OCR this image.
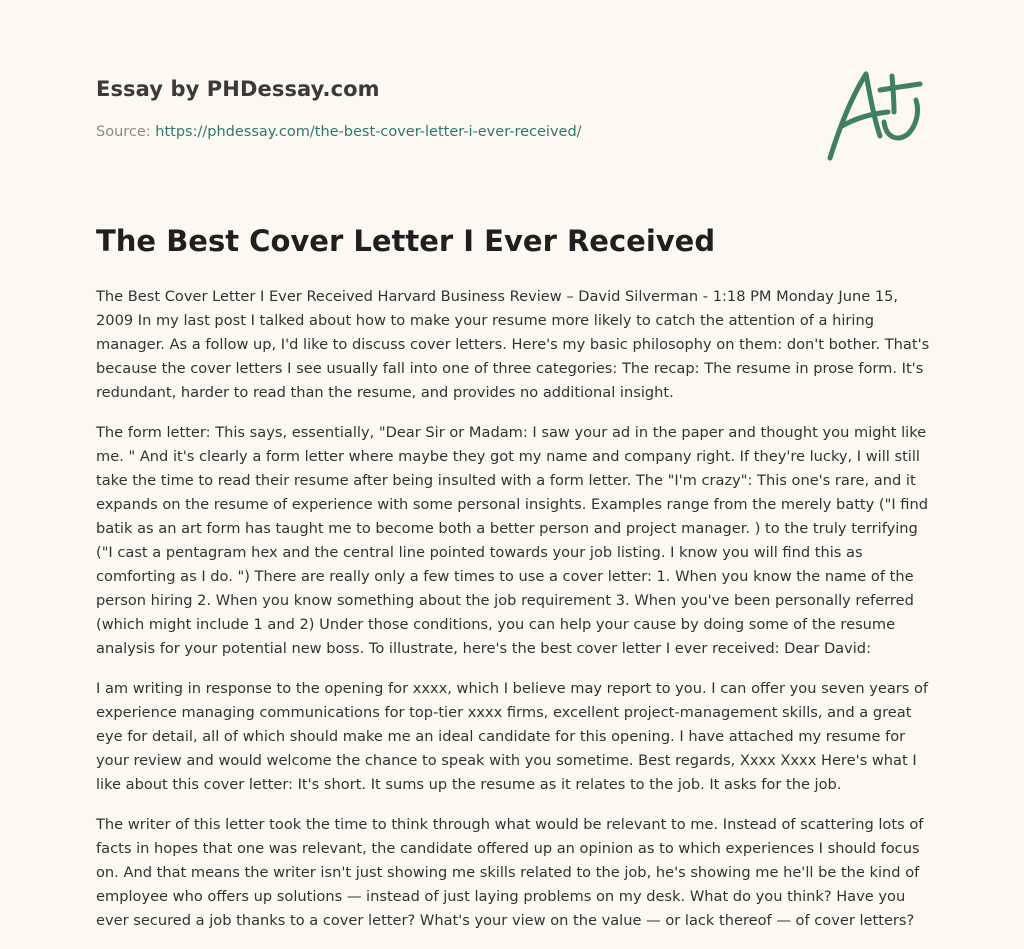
Essay by PHDessay.com

Source: https://phdessay.com/the-best-cover-letter-i-ever-received/

The Best Cover Letter I Ever Received

The Best Cover Letter I Ever Received Harvard Business Review – David Silverman - 1:18 PM Monday June 15, 2009 In my last post I talked about how to make your resume more likely to catch the attention of a hiring manager. As a follow up, I'd like to discuss cover letters. Here's my basic philosophy on them: don't bother. That's because the cover letters I see usually fall into one of three categories: The recap: The resume in prose form. It's redundant, harder to read than the resume, and provides no additional insight.

The form letter: This says, essentially, "Dear Sir or Madam: I saw your ad in the paper and thought you might like me. " And it's clearly a form letter where maybe they got my name and company right. If they're lucky, I will still take the time to read their resume after being insulted with a form letter. The "I'm crazy": This one's rare, and it expands on the resume of experience with some personal insights. Examples range from the merely batty ("I find batik as an art form has taught me to become both a better person and project manager. ) to the truly terrifying ("I cast a pentagram hex and the central line pointed towards your job listing. I know you will find this as comforting as I do. ") There are really only a few times to use a cover letter: 1. When you know the name of the person hiring 2. When you know something about the job requirement 3. When you've been personally referred (which might include 1 and 2) Under those conditions, you can help your cause by doing some of the resume analysis for your potential new boss. To illustrate, here's the best cover letter I ever received: Dear David:

I am writing in response to the opening for xxxx, which I believe may report to you. I can offer you seven years of experience managing communications for top-tier xxxx firms, excellent project-management skills, and a great eye for detail, all of which should make me an ideal candidate for this opening. I have attached my resume for your review and would welcome the chance to speak with you sometime. Best regards, Xxxx Xxxx Here's what I like about this cover letter: It's short. It sums up the resume as it relates to the job. It asks for the job.

The writer of this letter took the time to think through what would be relevant to me. Instead of scattering lots of facts in hopes that one was relevant, the candidate offered up an opinion as to which experiences I should focus on. And that means the writer isn't just showing me skills related to the job, he's showing me he'll be the kind of employee who offers up solutions — instead of just laying problems on my desk. What do you think? Have you ever secured a job thanks to a cover letter? What's your view on the value — or lack thereof — of cover letters?
